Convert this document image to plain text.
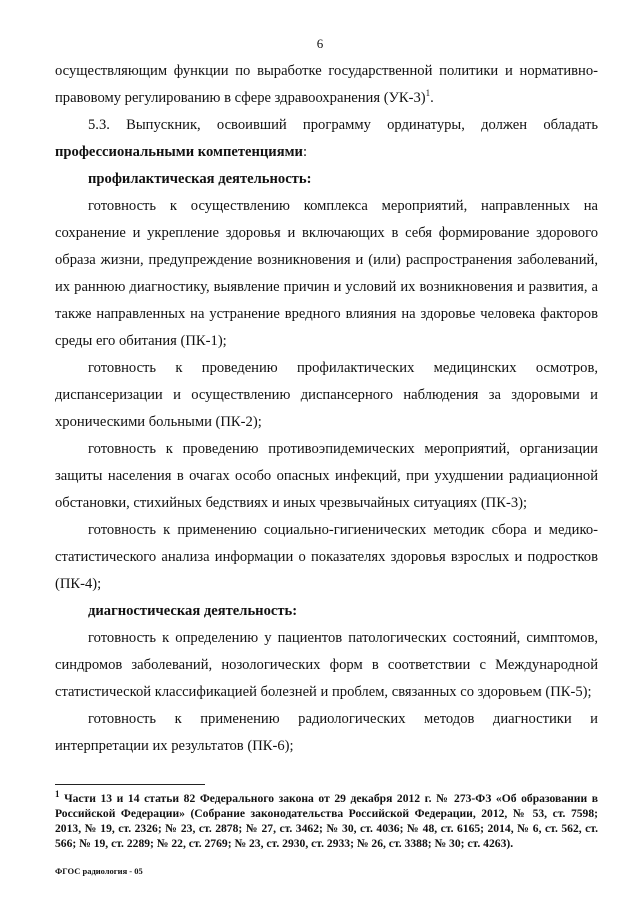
6

осуществляющим функции по выработке государственной политики и нормативно-правовому регулированию в сфере здравоохранения $(УК-3)^1$.

5.3. Выпускник, освоивший программу ординатуры, должен обладать профессиональными компетенциями:

профилактическая деятельность:

готовность к осуществлению комплекса мероприятий, направленных на сохранение и укрепление здоровья и включающих в себя формирование здорового образа жизни, предупреждение возникновения и (или) распространения заболеваний, их раннюю диагностику, выявление причин и условий их возникновения и развития, а также направленных на устранение вредного влияния на здоровье человека факторов среды его обитания (ПК-1);

готовность к проведению профилактических медицинских осмотров, диспансеризации и осуществлению диспансерного наблюдения за здоровыми и хроническими больными (ПК-2);

готовность к проведению противоэпидемических мероприятий, организации защиты населения в очагах особо опасных инфекций, при ухудшении радиационной обстановки, стихийных бедствиях и иных чрезвычайных ситуациях (ПК-3);

готовность к применению социально-гигиенических методик сбора и медико-статистического анализа информации о показателях здоровья взрослых и подростков (ПК-4);

диагностическая деятельность:

готовность к определению у пациентов патологических состояний, симптомов, синдромов заболеваний, нозологических форм в соответствии с Международной статистической классификацией болезней и проблем, связанных со здоровьем (ПК-5);

готовность к применению радиологических методов диагностики и интерпретации их результатов (ПК-6);

$^1$ Части 13 и 14 статьи 82 Федерального закона от 29 декабря 2012 г. № 273-ФЗ «Об образовании в Российской Федерации» (Собрание законодательства Российской Федерации, 2012, № 53, ст. 7598; 2013, № 19, ст. 2326; № 23, ст. 2878; № 27, ст. 3462; № 30, ст. 4036; № 48, ст. 6165; 2014, № 6, ст. 562, ст. 566; № 19, ст. 2289; № 22, ст. 2769; № 23, ст. 2930, ст. 2933; № 26, ст. 3388; № 30; ст. 4263).

ФГОС радиология - 05
